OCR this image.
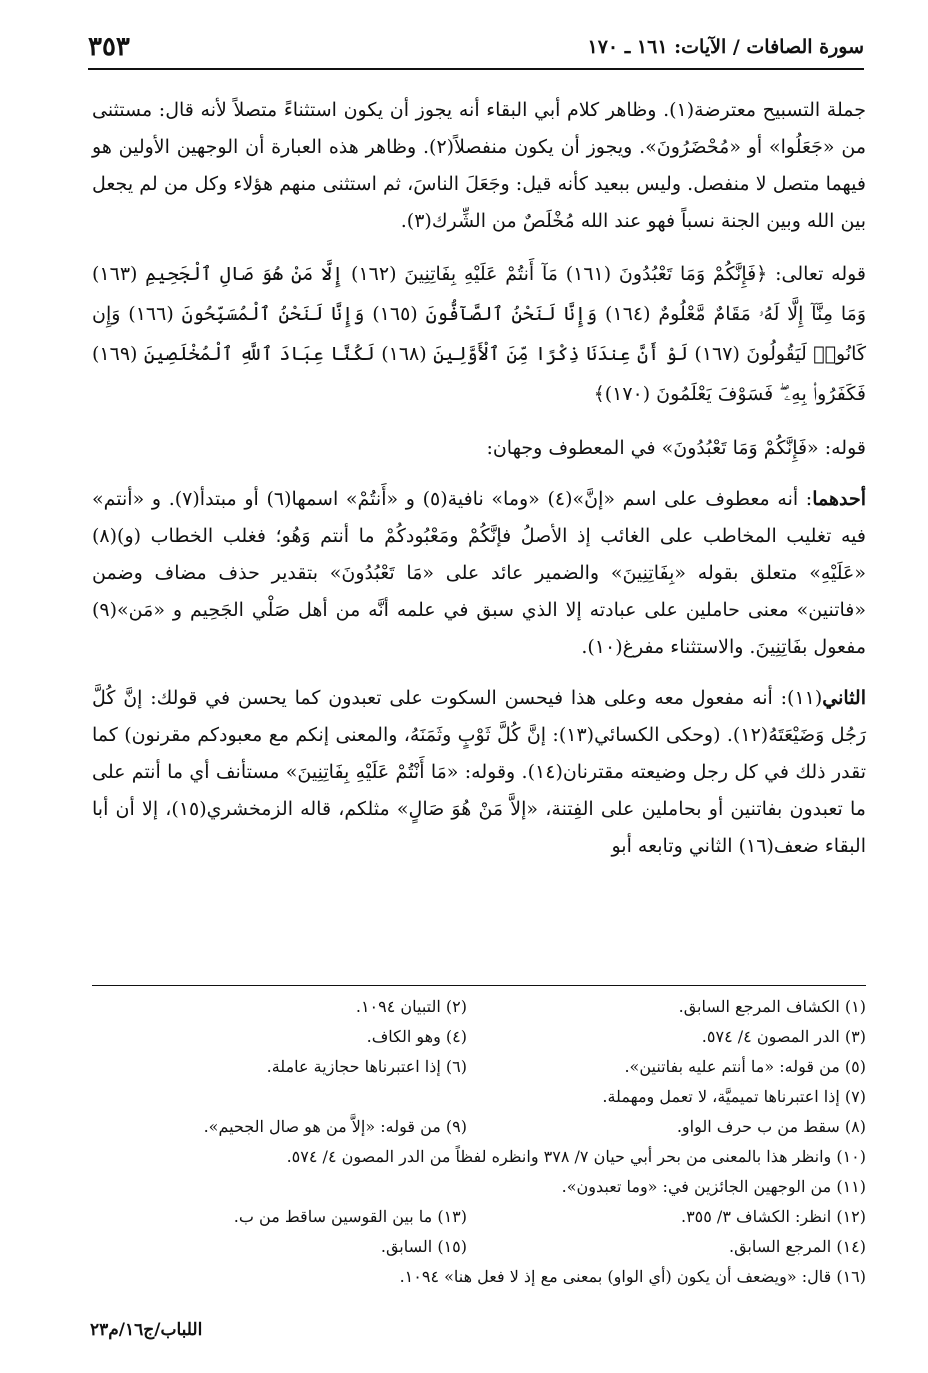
سورة الصافات / الآيات: ١٦١ ـ ١٧٠
٣٥٣

جملة التسبيح معترضة(١). وظاهر كلام أبي البقاء أنه يجوز أن يكون استثناءً متصلاً لأنه قال: مستثنى من «جَعَلُوا» أو «مُحْضَرُونَ». ويجوز أن يكون منفصلاً(٢). وظاهر هذه العبارة أن الوجهين الأولين هو فيهما متصل لا منفصل. وليس ببعيد كأنه قيل: وجَعَلَ الناسَ، ثم استثنى منهم هؤلاء وكل من لم يجعل بين الله وبين الجنة نسباً فهو عند الله مُخْلَصٌ من الشِّرك(٣).

قوله تعالى: ﴿فَإِنَّكُمْ وَمَا تَعْبُدُونَ (١٦١) مَآ أَنتُمْ عَلَيْهِ بِفَاتِنِينَ (١٦٢) إِلَّا مَنْ هُوَ صَالِ ٱلْجَحِيمِ (١٦٣) وَمَا مِنَّآ إِلَّا لَهُۥ مَقَامٌ مَّعْلُومٌ (١٦٤) وَإِنَّا لَنَحْنُ ٱلصَّآفُّونَ (١٦٥) وَإِنَّا لَنَحْنُ ٱلْمُسَبِّحُونَ (١٦٦) وَإِن كَانُوا۟ لَيَقُولُونَ (١٦٧) لَوْ أَنَّ عِندَنَا ذِكْرًا مِّنَ ٱلْأَوَّلِينَ (١٦٨) لَكُنَّا عِبَادَ ٱللَّهِ ٱلْمُخْلَصِينَ (١٦٩) فَكَفَرُوا۟ بِهِۦ ۖ فَسَوْفَ يَعْلَمُونَ (١٧٠)﴾

قوله: «فَإِنَّكُمْ وَمَا تَعْبُدُونَ» في المعطوف وجهان:

أحدهما: أنه معطوف على اسم «إنَّ»(٤) «وما» نافية(٥) و «أَنتُمْ» اسمها(٦) أو مبتدأ(٧). و «أنتم» فيه تغليب المخاطب على الغائب إذ الأصلُ فإنَّكُمْ ومَعْبُودكُمْ ما أنتم وَهُو؛ فغلب الخطاب (و)(٨) «عَلَيْهِ» متعلق بقوله «بِفَاتِنِينَ» والضمير عائد على «مَا تَعْبُدُونَ» بتقدير حذف مضاف وضمن «فاتنين» معنى حاملين على عبادته إلا الذي سبق في علمه أنَّه من أهل صَلْي الجَحِيم و «مَن»(٩) مفعول بفَاتِنِينَ. والاستثناء مفرغ(١٠).

الثاني(١١): أنه مفعول معه وعلى هذا فيحسن السكوت على تعبدون كما يحسن في قولك: إنَّ كُلَّ رَجُل وَضَيْعَتَهُ(١٢). (وحكى الكسائي(١٣): إنَّ كُلَّ ثَوْبٍ وثَمَنَهُ، والمعنى إنكم مع معبودكم مقرنون) كما تقدر ذلك في كل رجل وضيعته مقترنان(١٤). وقوله: «مَا أَنْتُمْ عَلَيْهِ بِفَاتِنِينَ» مستأنف أي ما أنتم على ما تعبدون بفاتنين أو بحاملين على الفِتنة، «إلاَّ مَنْ هُوَ صَالٍ» مثلكم، قاله الزمخشري(١٥)، إلا أن أبا البقاء ضعف(١٦) الثاني وتابعه أبو

(١) الكشاف المرجع السابق.
(٢) التبيان ١٠٩٤.
(٣) الدر المصون ٤/ ٥٧٤.
(٤) وهو الكاف.
(٥) من قوله: «ما أنتم عليه بفاتنين».
(٦) إذا اعتبرناها حجازية عاملة.
(٧) إذا اعتبرناها تميميَّة، لا تعمل ومهملة.
(٨) سقط من ب حرف الواو.
(٩) من قوله: «إلاَّ من هو صال الجحيم».
(١٠) وانظر هذا بالمعنى من بحر أبي حيان ٧/ ٣٧٨ وانظره لفظاً من الدر المصون ٤/ ٥٧٤.
(١١) من الوجهين الجائزين في: «وما تعبدون».
(١٢) انظر: الكشاف ٣/ ٣٥٥.
(١٣) ما بين القوسين ساقط من ب.
(١٤) المرجع السابق.
(١٥) السابق.
(١٦) قال: «ويضعف أن يكون (أي الواو) بمعنى مع إذ لا فعل هنا» ١٠٩٤.
اللباب/ج١٦/م٢٣
